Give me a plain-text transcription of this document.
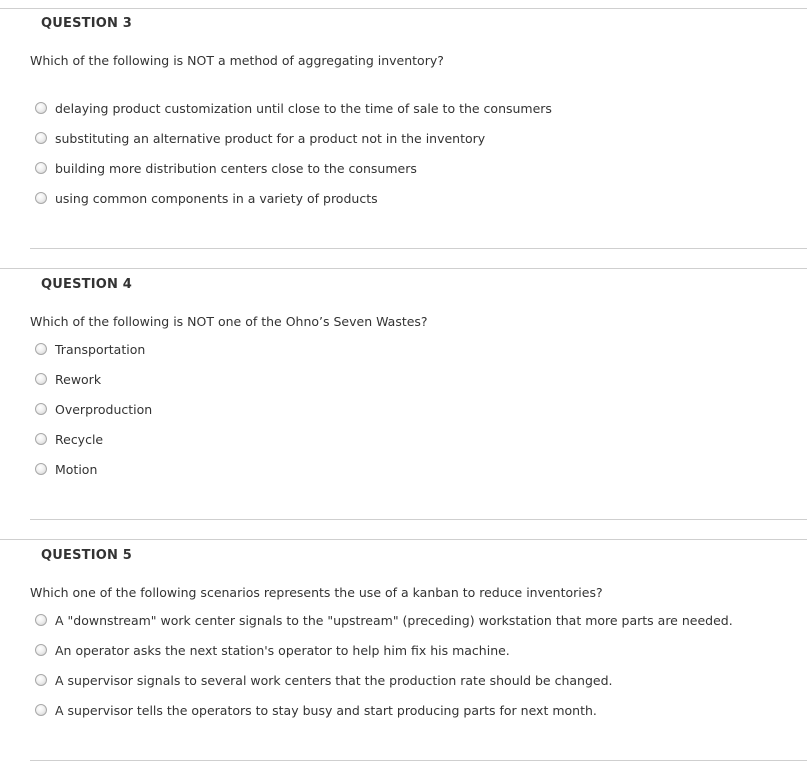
QUESTION 3
Which of the following is NOT a method of aggregating inventory?
delaying product customization until close to the time of sale to the consumers
substituting an alternative product for a product not in the inventory
building more distribution centers close to the consumers
using common components in a variety of products
QUESTION 4
Which of the following is NOT one of the Ohno’s Seven Wastes?
Transportation
Rework
Overproduction
Recycle
Motion
QUESTION 5
Which one of the following scenarios represents the use of a kanban to reduce inventories?
A "downstream" work center signals to the "upstream" (preceding) workstation that more parts are needed.
An operator asks the next station's operator to help him fix his machine.
A supervisor signals to several work centers that the production rate should be changed.
A supervisor tells the operators to stay busy and start producing parts for next month.
